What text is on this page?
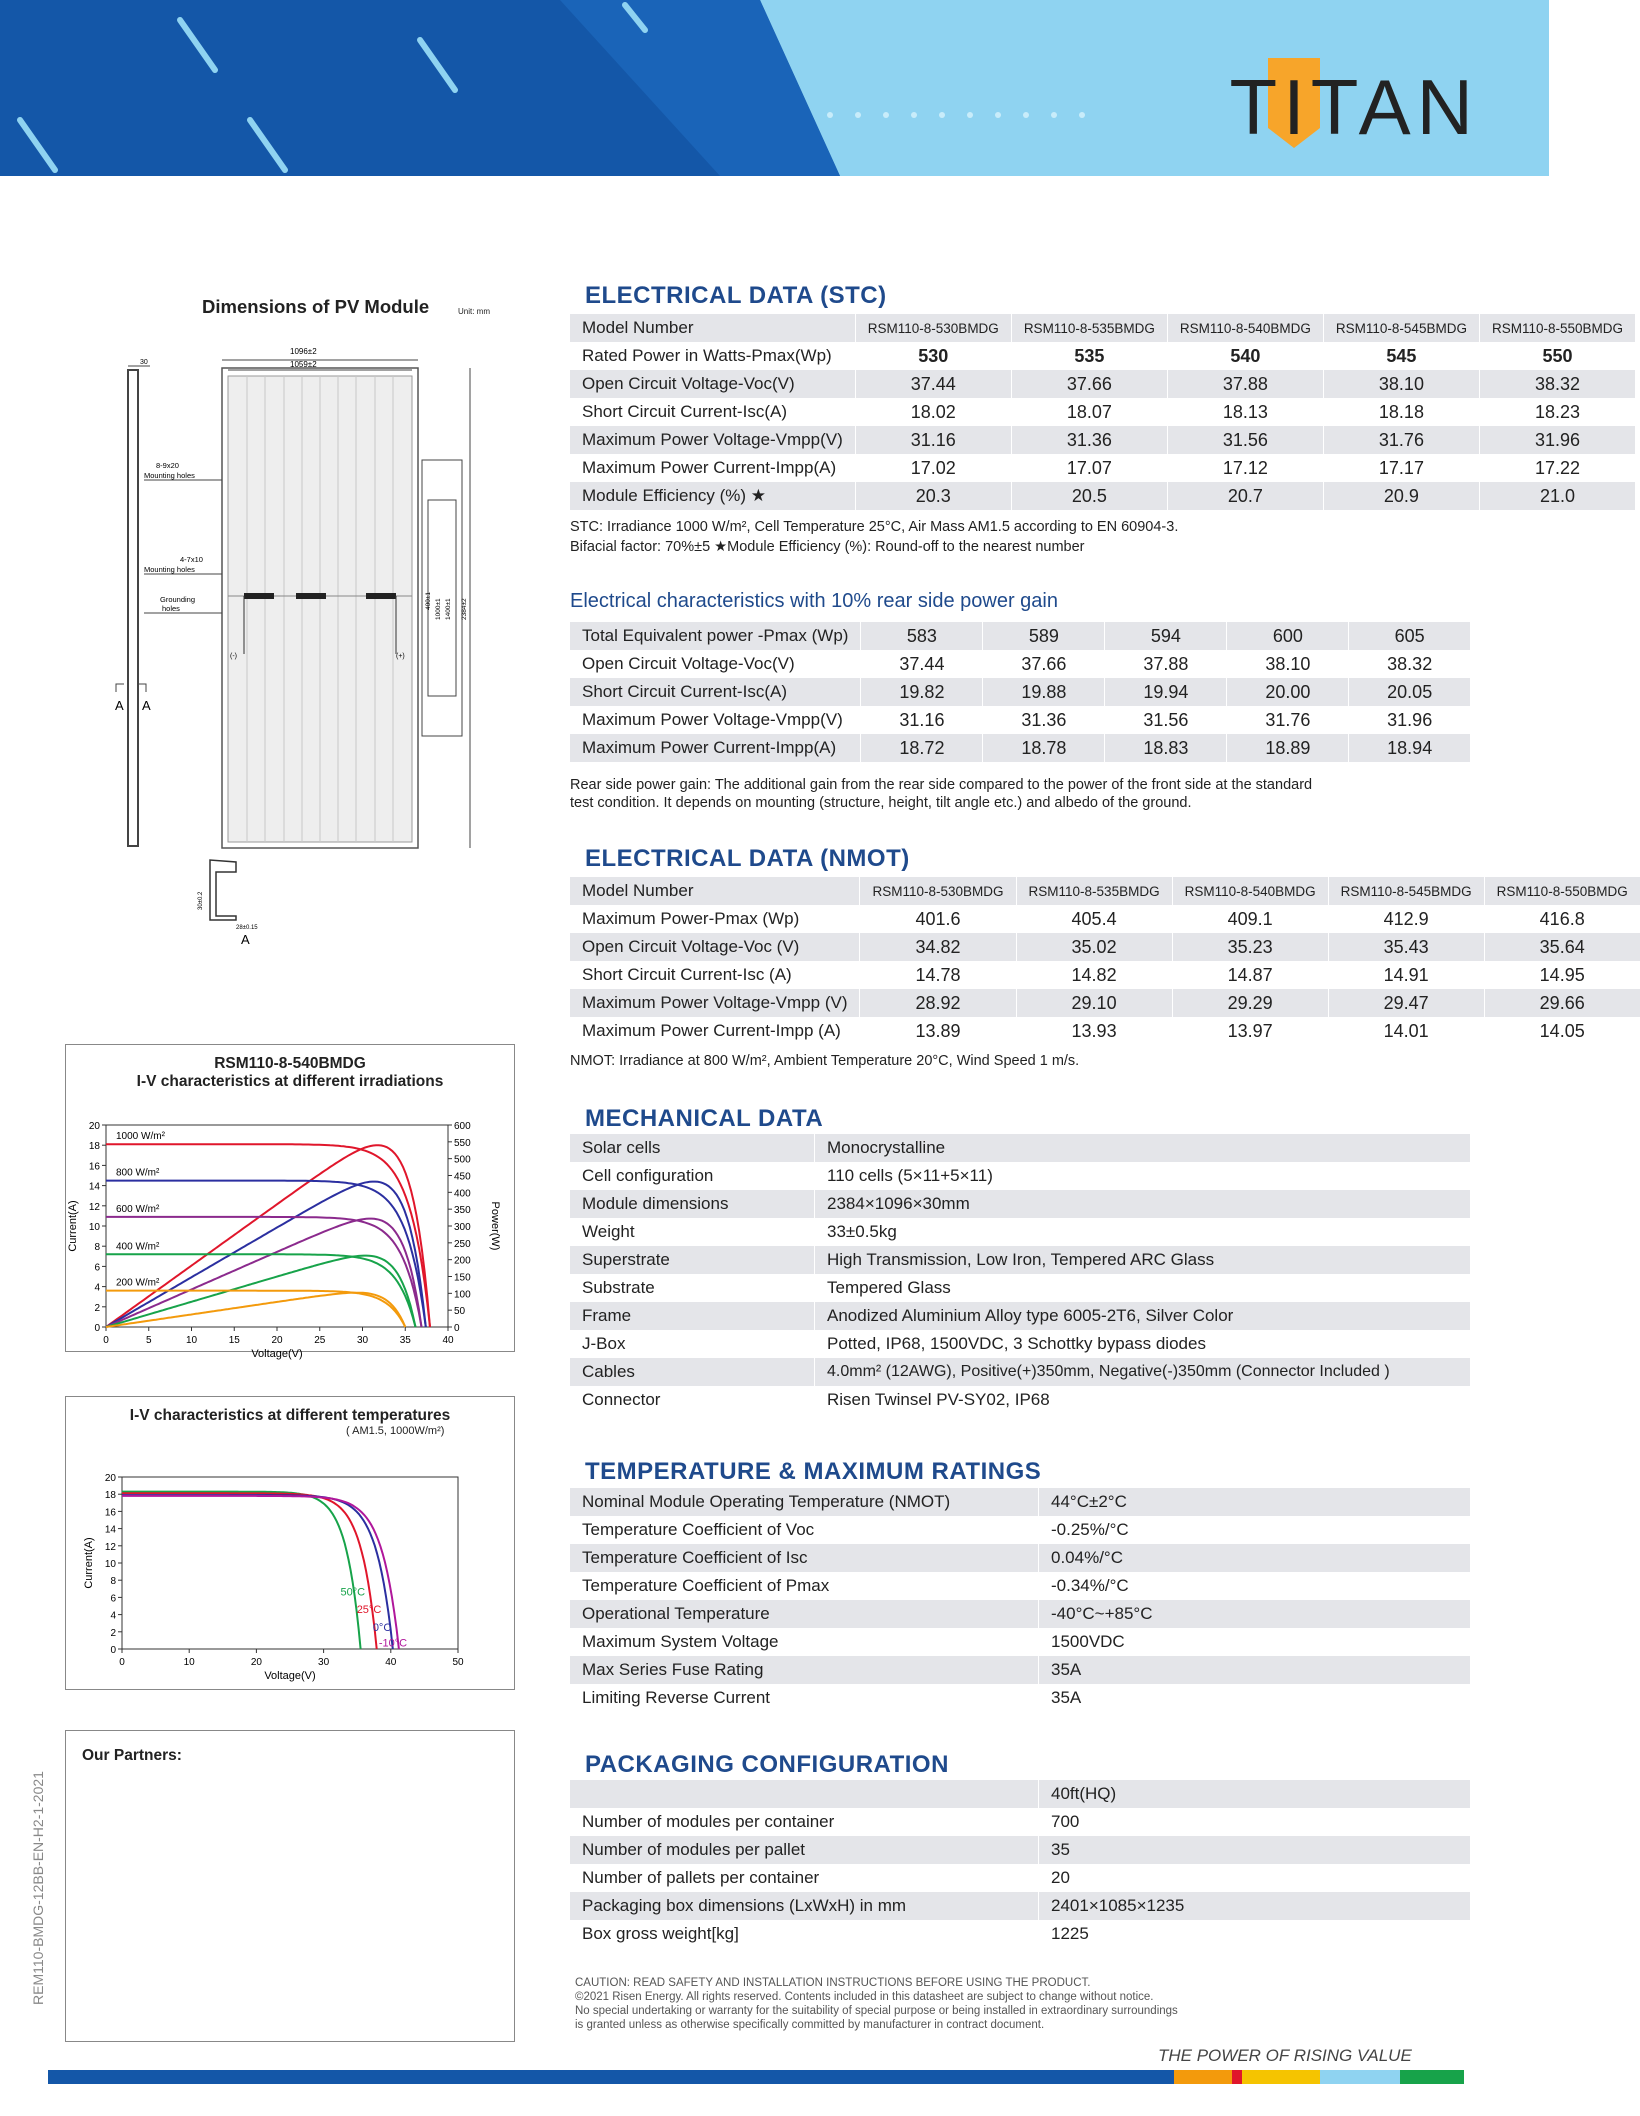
TITAN
Dimensions of PV Module	Unit: mm
1096±2
1059±2
30
8-9x20
Mounting holes
4-7x10
Mounting holes
Grounding
holes
(-)	(+)
400±1 1000±1 1400±1 2384±2
A A
30±0.2
28±0.15
A
RSM110-8-540BMDG
I-V characteristics at different irradiations
0
2
4
6
8
10
12
14
16
18
20
0	5	10	15	20	25	30	35	40
Voltage(V)
Current(A)
0
50
100
150
200
250
300
350
400
450
500
550
600
Power(W)
1000 W/m²
800 W/m²
600 W/m²
400 W/m²
200 W/m²
I-V characteristics at different temperatures
( AM1.5, 1000W/m²)
0
2
4
6
8
10
12
14
16
18
20
0	10	20	30	40	50
Voltage(V)
Current(A)
50°C
25°C
0°C
-10°C
Our Partners:
REM110-BMDG-12BB-EN-H2-1-2021
ELECTRICAL DATA (STC)
Model Number	RSM110-8-530BMDG	RSM110-8-535BMDG	RSM110-8-540BMDG	RSM110-8-545BMDG	RSM110-8-550BMDG
Rated Power in Watts-Pmax(Wp)	530	535	540	545	550
Open Circuit Voltage-Voc(V)	37.44	37.66	37.88	38.10	38.32
Short Circuit Current-Isc(A)	18.02	18.07	18.13	18.18	18.23
Maximum Power Voltage-Vmpp(V)	31.16	31.36	31.56	31.76	31.96
Maximum Power Current-Impp(A)	17.02	17.07	17.12	17.17	17.22
Module Efficiency (%) ★	20.3	20.5	20.7	20.9	21.0
STC: Irradiance 1000 W/m², Cell Temperature 25°C, Air Mass AM1.5 according to EN 60904-3.
Bifacial factor: 70%±5 ★Module Efficiency (%): Round-off to the nearest number
Electrical characteristics with 10% rear side power gain
Total Equivalent power -Pmax (Wp)	583	589	594	600	605
Open Circuit Voltage-Voc(V)	37.44	37.66	37.88	38.10	38.32
Short Circuit Current-Isc(A)	19.82	19.88	19.94	20.00	20.05
Maximum Power Voltage-Vmpp(V)	31.16	31.36	31.56	31.76	31.96
Maximum Power Current-Impp(A)	18.72	18.78	18.83	18.89	18.94
Rear side power gain: The additional gain from the rear side compared to the power of the front side at the standard
test condition. It depends on mounting (structure, height, tilt angle etc.) and albedo of the ground.
ELECTRICAL DATA (NMOT)
Model Number	RSM110-8-530BMDG	RSM110-8-535BMDG	RSM110-8-540BMDG	RSM110-8-545BMDG	RSM110-8-550BMDG
Maximum Power-Pmax (Wp)	401.6	405.4	409.1	412.9	416.8
Open Circuit Voltage-Voc (V)	34.82	35.02	35.23	35.43	35.64
Short Circuit Current-Isc (A)	14.78	14.82	14.87	14.91	14.95
Maximum Power Voltage-Vmpp (V)	28.92	29.10	29.29	29.47	29.66
Maximum Power Current-Impp (A)	13.89	13.93	13.97	14.01	14.05
NMOT: Irradiance at 800 W/m², Ambient Temperature 20°C, Wind Speed 1 m/s.
MECHANICAL DATA
Solar cells	Monocrystalline
Cell configuration	110 cells (5×11+5×11)
Module dimensions	2384×1096×30mm
Weight	33±0.5kg
Superstrate	High Transmission, Low Iron, Tempered ARC Glass
Substrate	Tempered Glass
Frame	Anodized Aluminium Alloy type 6005-2T6, Silver Color
J-Box	Potted, IP68, 1500VDC, 3 Schottky bypass diodes
Cables	4.0mm² (12AWG), Positive(+)350mm, Negative(-)350mm (Connector Included )
Connector	Risen Twinsel PV-SY02, IP68
TEMPERATURE & MAXIMUM RATINGS
Nominal Module Operating Temperature (NMOT)	44°C±2°C
Temperature Coefficient of Voc	-0.25%/°C
Temperature Coefficient of Isc	0.04%/°C
Temperature Coefficient of Pmax	-0.34%/°C
Operational Temperature	-40°C~+85°C
Maximum System Voltage	1500VDC
Max Series Fuse Rating	35A
Limiting Reverse Current	35A
PACKAGING CONFIGURATION
	40ft(HQ)
Number of modules per container	700
Number of modules per pallet	35
Number of pallets per container	20
Packaging box dimensions (LxWxH) in mm	2401×1085×1235
Box gross weight[kg]	1225
CAUTION: READ SAFETY AND INSTALLATION INSTRUCTIONS BEFORE USING THE PRODUCT.
©2021 Risen Energy. All rights reserved. Contents included in this datasheet are subject to change without notice.
No special undertaking or warranty for the suitability of special purpose or being installed in extraordinary surroundings
is granted unless as otherwise specifically committed by manufacturer in contract document.
THE POWER OF RISING VALUE
